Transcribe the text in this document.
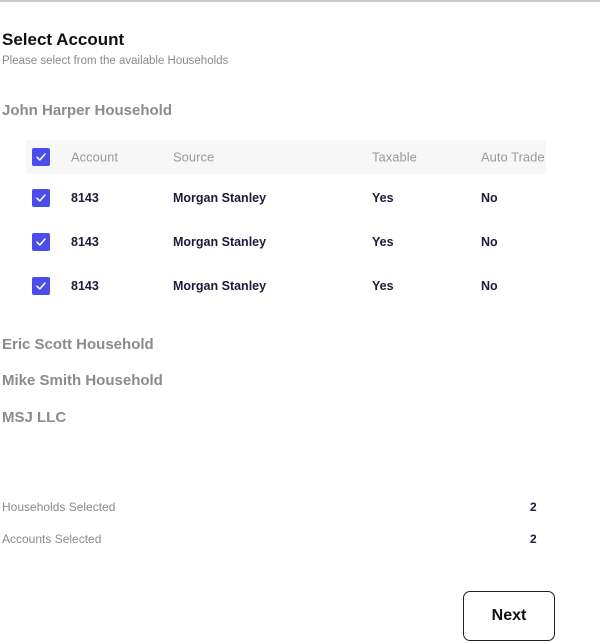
Select Account
Please select from the available Households
John Harper Household
Account	Source	Taxable	Auto Trade
8143	Morgan Stanley	Yes	No
8143	Morgan Stanley	Yes	No
8143	Morgan Stanley	Yes	No
Eric Scott Household
Mike Smith Household
MSJ LLC
Households Selected	2
Accounts Selected	2
Next
